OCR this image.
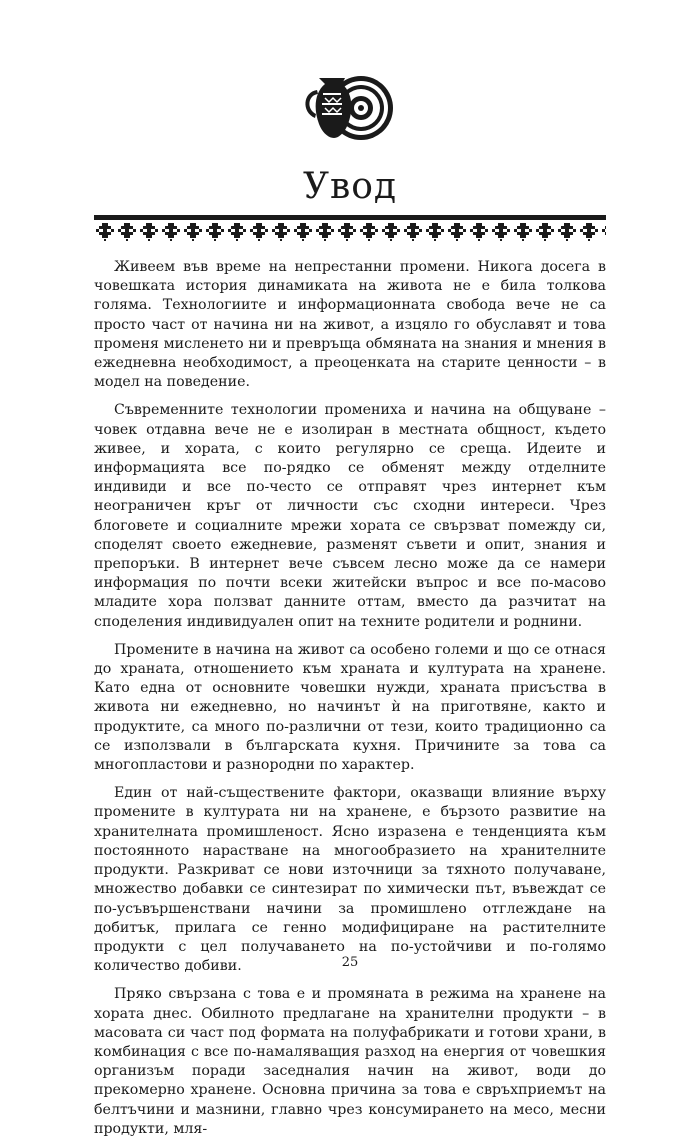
Увод

Живеем във време на непрестанни промени. Никога досега в човешката история динамиката на живота не е била толкова голяма. Технологиите и информационната свобода вече не са просто част от начина ни на живот, а изцяло го обуславят и това променя мисленето ни и превръща обмяната на знания и мнения в ежедневна необходимост, а преоценката на старите ценности – в модел на поведение.

Съвременните технологии промениха и начина на общуване – човек отдавна вече не е изолиран в местната общност, където живее, и хората, с които регулярно се среща. Идеите и информацията все по-рядко се обменят между отделните индивиди и все по-често се отправят чрез интернет към неограничен кръг от личности със сходни интереси. Чрез блоговете и социалните мрежи хората се свързват помежду си, споделят своето ежедневие, разменят съвети и опит, знания и препоръки. В интернет вече съвсем лесно може да се намери информация по почти всеки житейски въпрос и все по-масово младите хора ползват данните оттам, вместо да разчитат на споделения индивидуален опит на техните родители и роднини.

Промените в начина на живот са особено големи и що се отнася до храната, отношението към храната и културата на хранене. Като една от основните човешки нужди, храната присъства в живота ни ежедневно, но начинът ѝ на приготвяне, както и продуктите, са много по-различни от тези, които традиционно са се използвали в българската кухня. Причините за това са многопластови и разнородни по характер.

Един от най-съществените фактори, оказващи влияние върху промените в културата ни на хранене, е бързото развитие на хранителната промишленост. Ясно изразена е тенденцията към постоянното нарастване на многообразието на хранителните продукти. Разкриват се нови източници за тяхното получаване, множество добавки се синтезират по химически път, въвеждат се по-усъвършенствани начини за промишлено отглеждане на добитък, прилага се генно модифициране на растителните продукти с цел получаването на по-устойчиви и по-голямо количество добиви.

Пряко свързана с това е и промяната в режима на хранене на хората днес. Обилното предлагане на хранителни продукти – в масовата си част под формата на полуфабрикати и готови храни, в комбинация с все по-намаляващия разход на енергия от човешкия организъм поради заседналия начин на живот, води до прекомерно хранене. Основна причина за това е свръхприемът на белтъчини и мазнини, главно чрез консумирането на месо, месни продукти, мля-

25
